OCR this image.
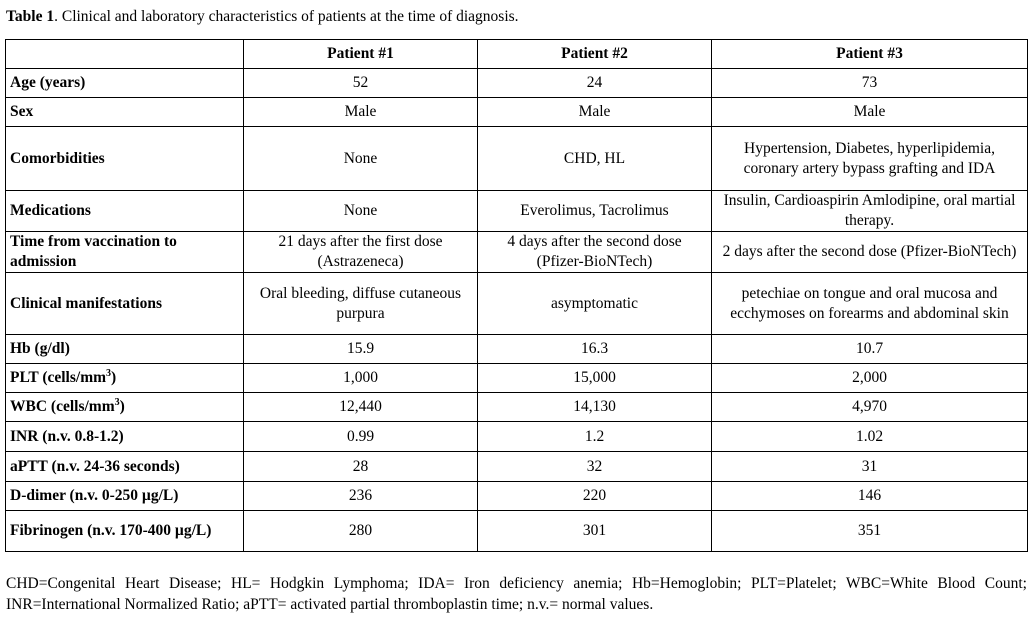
Table 1. Clinical and laboratory characteristics of patients at the time of diagnosis.
	Patient #1	Patient #2	Patient #3
Age (years)	52	24	73
Sex	Male	Male	Male
Comorbidities	None	CHD, HL	Hypertension, Diabetes, hyperlipidemia, coronary artery bypass grafting and IDA
Medications	None	Everolimus, Tacrolimus	Insulin, Cardioaspirin Amlodipine, oral martial therapy.
Time from vaccination to admission	21 days after the first dose (Astrazeneca)	4 days after the second dose (Pfizer-BioNTech)	2 days after the second dose (Pfizer-BioNTech)
Clinical manifestations	Oral bleeding, diffuse cutaneous purpura	asymptomatic	petechiae on tongue and oral mucosa and ecchymoses on forearms and abdominal skin
Hb (g/dl)	15.9	16.3	10.7
PLT $(cells/mm^3)$	1,000	15,000	2,000
WBC $(cells/mm^3)$	12,440	14,130	4,970
INR (n.v. 0.8-1.2)	0.99	1.2	1.02
aPTT (n.v. 24-36 seconds)	28	32	31
D-dimer (n.v. 0-250 µg/L)	236	220	146
Fibrinogen (n.v. 170-400 µg/L)	280	301	351
CHD=Congenital Heart Disease; HL= Hodgkin Lymphoma; IDA= Iron deficiency anemia; Hb=Hemoglobin; PLT=Platelet; WBC=White Blood Count; INR=International Normalized Ratio; aPTT= activated partial thromboplastin time; n.v.= normal values.
